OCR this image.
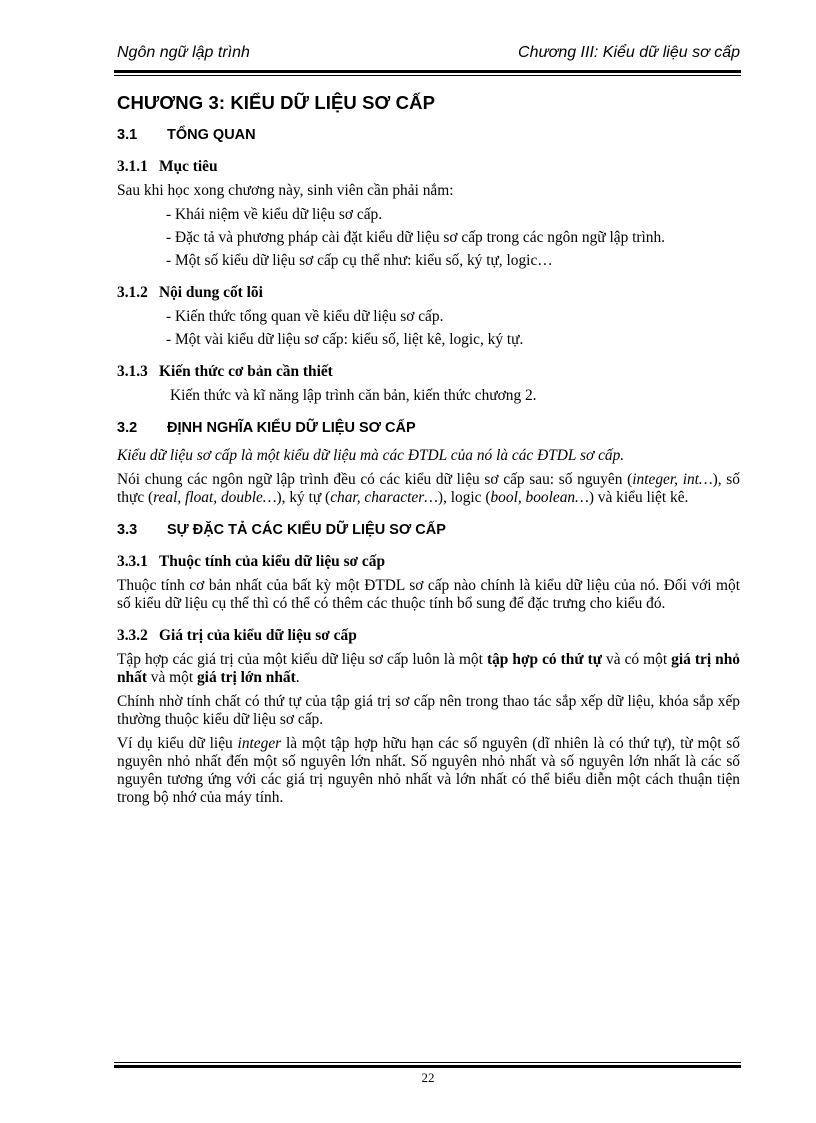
Ngôn ngữ lập trình	Chương III: Kiểu dữ liệu sơ cấp
CHƯƠNG 3: KIỂU DỮ LIỆU SƠ CẤP
3.1 TỔNG QUAN
3.1.1 Mục tiêu

Sau khi học xong chương này, sinh viên cần phải nắm:

- Khái niệm về kiểu dữ liệu sơ cấp.
- Đặc tả và phương pháp cài đặt kiểu dữ liệu sơ cấp trong các ngôn ngữ lập trình.
- Một số kiểu dữ liệu sơ cấp cụ thể như: kiểu số, ký tự, logic…
3.1.2 Nội dung cốt lõi
- Kiến thức tổng quan về kiểu dữ liệu sơ cấp.
- Một vài kiểu dữ liệu sơ cấp: kiểu số, liệt kê, logic, ký tự.
3.1.3 Kiến thức cơ bản cần thiết

Kiến thức và kĩ năng lập trình căn bản, kiến thức chương 2.

3.2 ĐỊNH NGHĨA KIỂU DỮ LIỆU SƠ CẤP

Kiểu dữ liệu sơ cấp là một kiểu dữ liệu mà các ĐTDL của nó là các ĐTDL sơ cấp.

Nói chung các ngôn ngữ lập trình đều có các kiểu dữ liệu sơ cấp sau: số nguyên (integer, int…), số thực (real, float, double…), ký tự (char, character…), logic (bool, boolean…) và kiểu liệt kê.

3.3 SỰ ĐẶC TẢ CÁC KIỂU DỮ LIỆU SƠ CẤP
3.3.1 Thuộc tính của kiểu dữ liệu sơ cấp

Thuộc tính cơ bản nhất của bất kỳ một ĐTDL sơ cấp nào chính là kiểu dữ liệu của nó. Đối với một số kiểu dữ liệu cụ thể thì có thể có thêm các thuộc tính bổ sung để đặc trưng cho kiểu đó.

3.3.2 Giá trị của kiểu dữ liệu sơ cấp

Tập hợp các giá trị của một kiểu dữ liệu sơ cấp luôn là một tập hợp có thứ tự và có một giá trị nhỏ nhất và một giá trị lớn nhất.

Chính nhờ tính chất có thứ tự của tập giá trị sơ cấp nên trong thao tác sắp xếp dữ liệu, khóa sắp xếp thường thuộc kiểu dữ liệu sơ cấp.

Ví dụ kiểu dữ liệu integer là một tập hợp hữu hạn các số nguyên (dĩ nhiên là có thứ tự), từ một số nguyên nhỏ nhất đến một số nguyên lớn nhất. Số nguyên nhỏ nhất và số nguyên lớn nhất là các số nguyên tương ứng với các giá trị nguyên nhỏ nhất và lớn nhất có thể biểu diễn một cách thuận tiện trong bộ nhớ của máy tính.

22
